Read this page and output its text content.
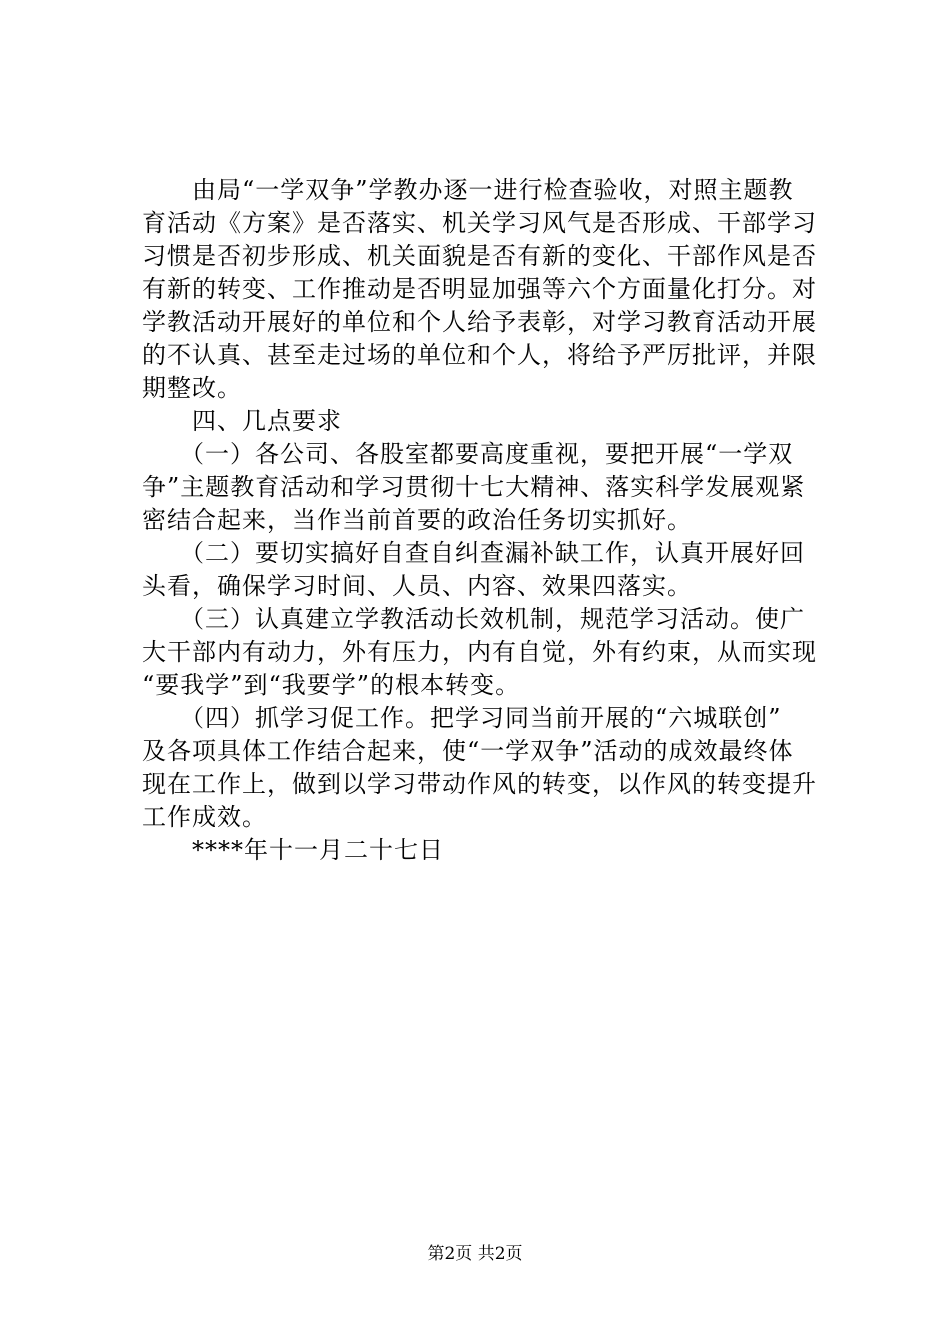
　　由局“一学双争”学教办逐一进行检查验收，对照主题教
育活动《方案》是否落实、机关学习风气是否形成、干部学习
习惯是否初步形成、机关面貌是否有新的变化、干部作风是否
有新的转变、工作推动是否明显加强等六个方面量化打分。对
学教活动开展好的单位和个人给予表彰，对学习教育活动开展
的不认真、甚至走过场的单位和个人，将给予严厉批评，并限
期整改。
　　四、几点要求
　　（一）各公司、各股室都要高度重视，要把开展“一学双
争”主题教育活动和学习贯彻十七大精神、落实科学发展观紧
密结合起来，当作当前首要的政治任务切实抓好。
　　（二）要切实搞好自查自纠查漏补缺工作，认真开展好回
头看，确保学习时间、人员、内容、效果四落实。
　　（三）认真建立学教活动长效机制，规范学习活动。使广
大干部内有动力，外有压力，内有自觉，外有约束，从而实现
“要我学”到“我要学”的根本转变。
　　（四）抓学习促工作。把学习同当前开展的“六城联创”
及各项具体工作结合起来，使“一学双争”活动的成效最终体
现在工作上，做到以学习带动作风的转变，以作风的转变提升
工作成效。
　　****年十一月二十七日
第2页 共2页
